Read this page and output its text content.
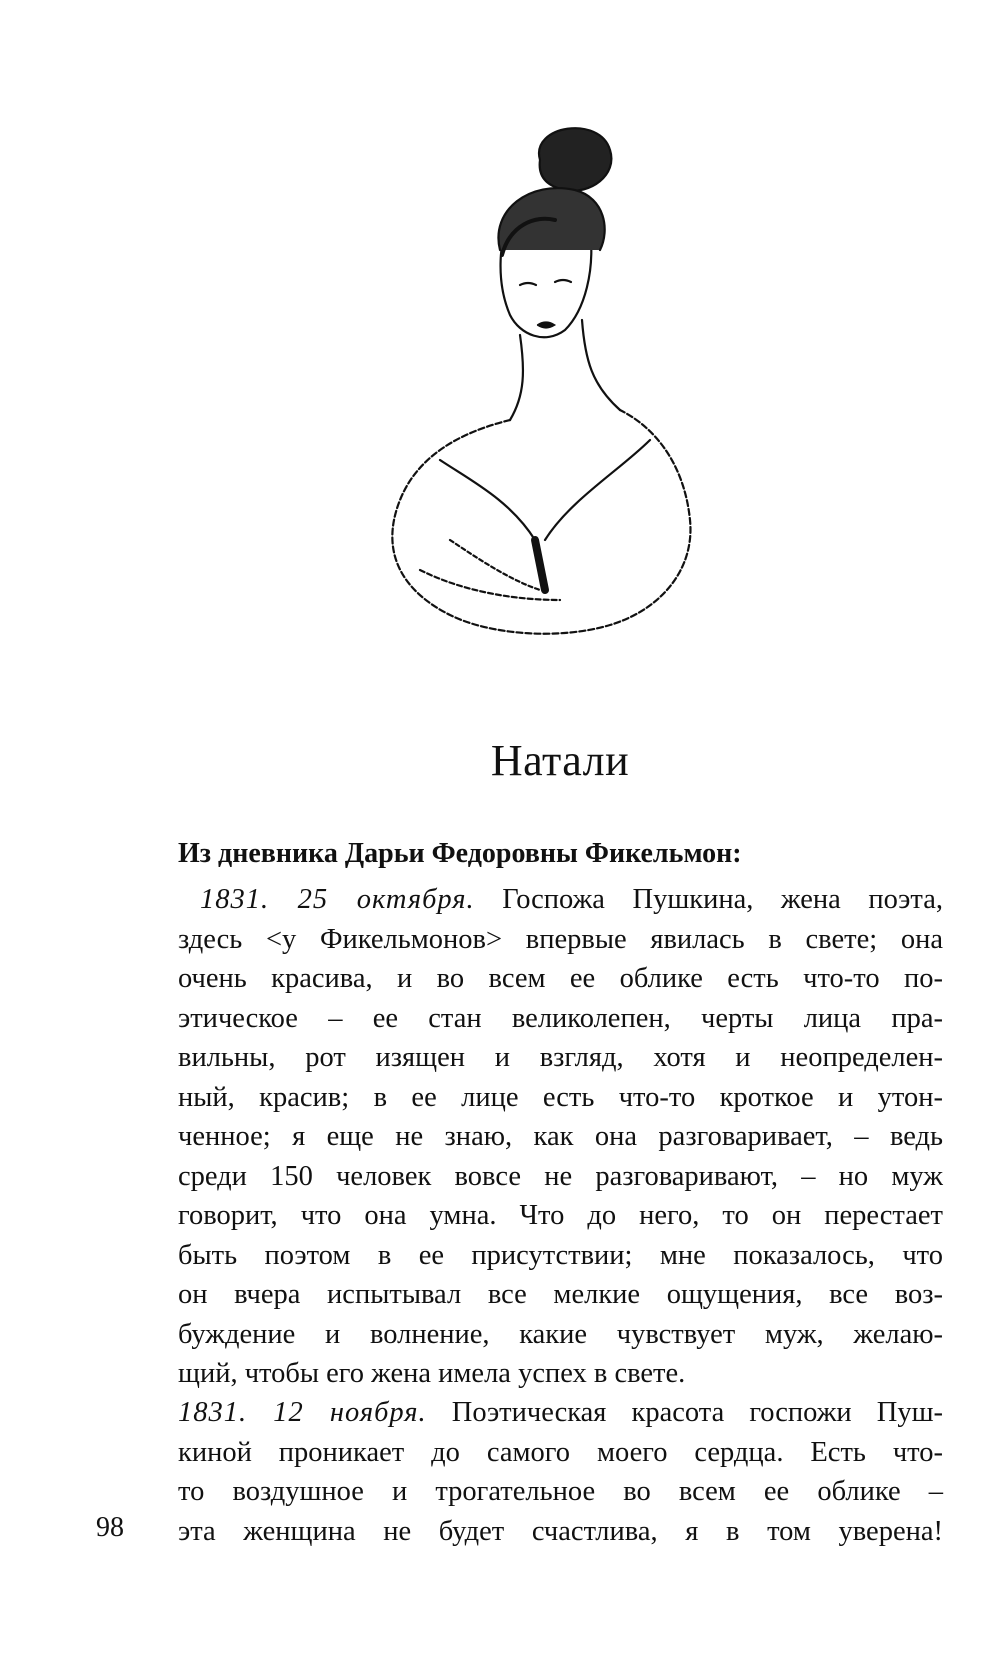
Натали
Из дневника Дарьи Федоровны Фикельмон:
1831. 25 октября. Госпожа Пушкина, жена поэта,
здесь <у Фикельмонов> впервые явилась в свете; она
очень красива, и во всем ее облике есть что-то по-
этическое – ее стан великолепен, черты лица пра-
вильны, рот изящен и взгляд, хотя и неопределен-
ный, красив; в ее лице есть что-то кроткое и утон-
ченное; я еще не знаю, как она разговаривает, – ведь
среди 150 человек вовсе не разговаривают, – но муж
говорит, что она умна. Что до него, то он перестает
быть поэтом в ее присутствии; мне показалось, что
он вчера испытывал все мелкие ощущения, все воз-
буждение и волнение, какие чувствует муж, желаю-
щий, чтобы его жена имела успех в свете.
1831. 12 ноября. Поэтическая красота госпожи Пуш-
киной проникает до самого моего сердца. Есть что-
то воздушное и трогательное во всем ее облике –
эта женщина не будет счастлива, я в том уверена!
98
